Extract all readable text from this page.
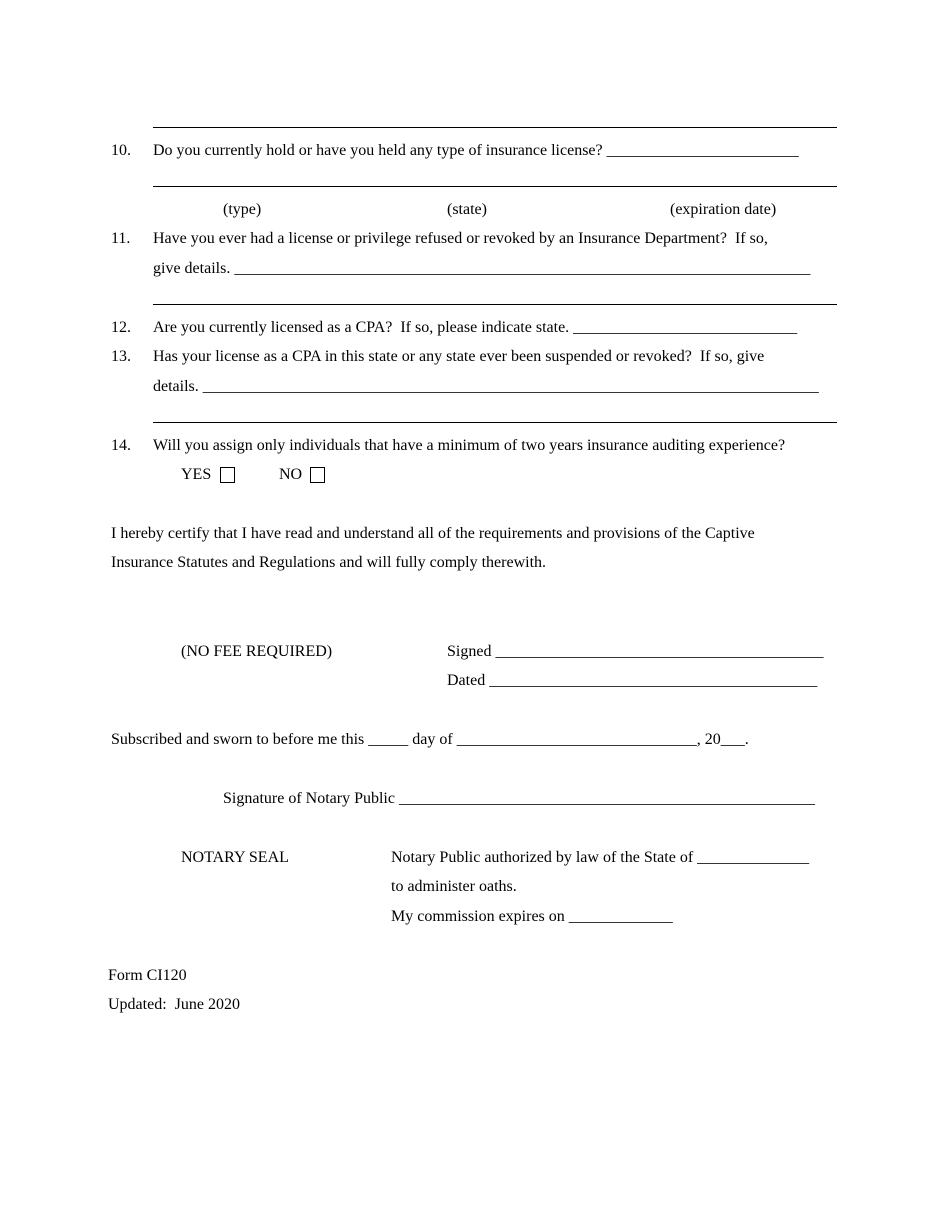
10. Do you currently hold or have you held any type of insurance license? ________________________
(type)	(state)	(expiration date)
11. Have you ever had a license or privilege refused or revoked by an Insurance Department?  If so,
give details. ________________________________________________________________________
12. Are you currently licensed as a CPA?  If so, please indicate state. ____________________________
13. Has your license as a CPA in this state or any state ever been suspended or revoked?  If so, give
details. _____________________________________________________________________________
14. Will you assign only individuals that have a minimum of two years insurance auditing experience?
YES	NO
I hereby certify that I have read and understand all of the requirements and provisions of the Captive
Insurance Statutes and Regulations and will fully comply therewith.
(NO FEE REQUIRED)	Signed _________________________________________
Dated _________________________________________
Subscribed and sworn to before me this _____ day of ______________________________, 20___.
Signature of Notary Public ____________________________________________________
NOTARY SEAL	Notary Public authorized by law of the State of ______________
to administer oaths.
My commission expires on _____________
Form CI120
Updated:  June 2020
